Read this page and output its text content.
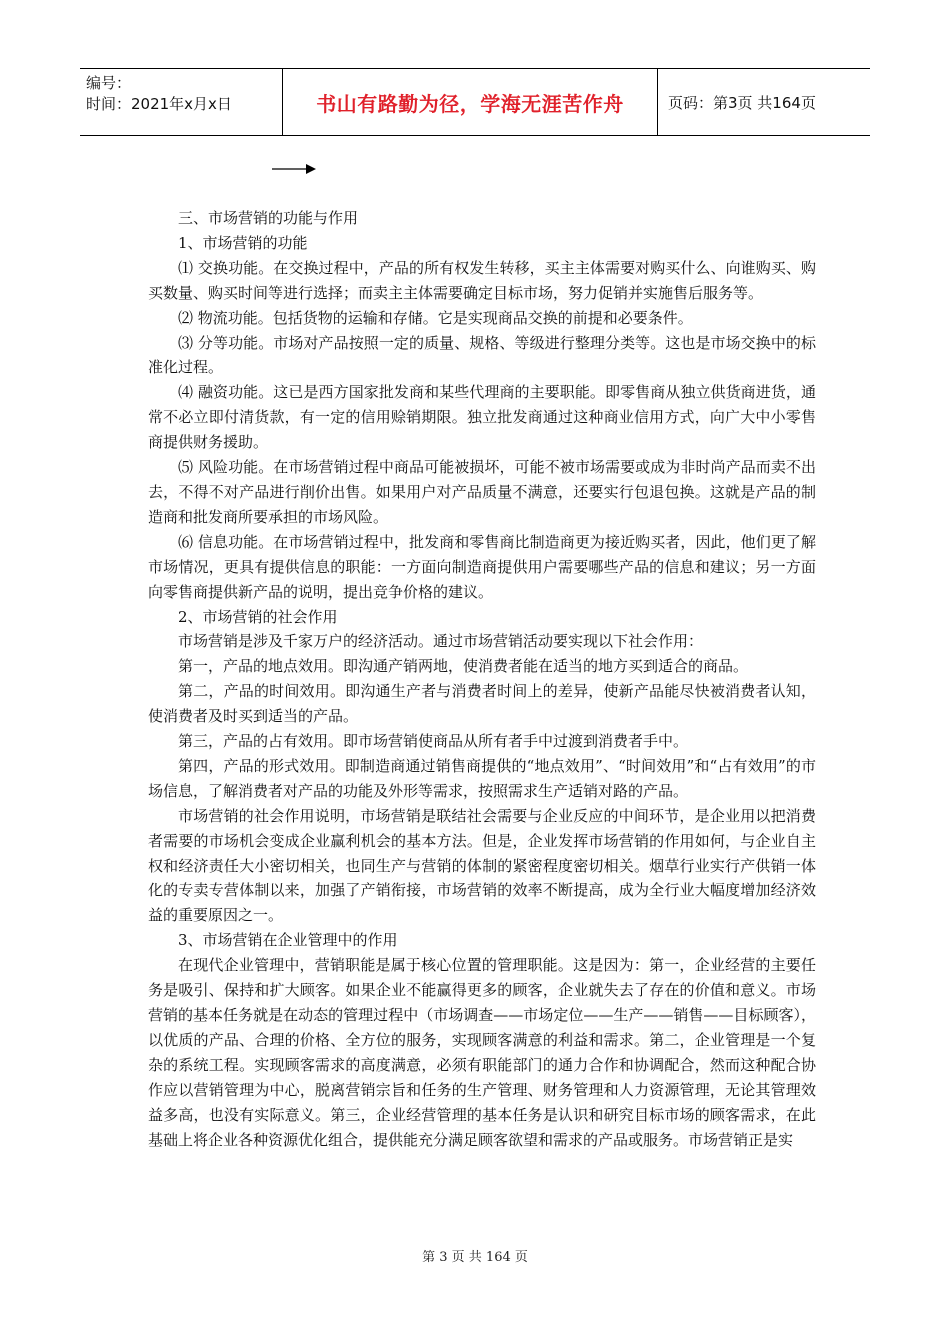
编号：
时间：2021年x月x日	书山有路勤为径，学海无涯苦作舟	页码：第3页 共164页

三、市场营销的功能与作用

1、市场营销的功能

⑴ 交换功能。在交换过程中，产品的所有权发生转移，买主主体需要对购买什么、向谁购买、购买数量、购买时间等进行选择；而卖主主体需要确定目标市场，努力促销并实施售后服务等。

⑵ 物流功能。包括货物的运输和存储。它是实现商品交换的前提和必要条件。

⑶ 分等功能。市场对产品按照一定的质量、规格、等级进行整理分类等。这也是市场交换中的标准化过程。

⑷ 融资功能。这已是西方国家批发商和某些代理商的主要职能。即零售商从独立供货商进货，通常不必立即付清货款，有一定的信用赊销期限。独立批发商通过这种商业信用方式，向广大中小零售商提供财务援助。

⑸ 风险功能。在市场营销过程中商品可能被损坏，可能不被市场需要或成为非时尚产品而卖不出去，不得不对产品进行削价出售。如果用户对产品质量不满意，还要实行包退包换。这就是产品的制造商和批发商所要承担的市场风险。

⑹ 信息功能。在市场营销过程中，批发商和零售商比制造商更为接近购买者，因此，他们更了解市场情况，更具有提供信息的职能：一方面向制造商提供用户需要哪些产品的信息和建议；另一方面向零售商提供新产品的说明，提出竞争价格的建议。

2、市场营销的社会作用

市场营销是涉及千家万户的经济活动。通过市场营销活动要实现以下社会作用：

第一，产品的地点效用。即沟通产销两地，使消费者能在适当的地方买到适合的商品。

第二，产品的时间效用。即沟通生产者与消费者时间上的差异，使新产品能尽快被消费者认知，使消费者及时买到适当的产品。

第三，产品的占有效用。即市场营销使商品从所有者手中过渡到消费者手中。

第四，产品的形式效用。即制造商通过销售商提供的“地点效用”、“时间效用”和“占有效用”的市场信息，了解消费者对产品的功能及外形等需求，按照需求生产适销对路的产品。

市场营销的社会作用说明，市场营销是联结社会需要与企业反应的中间环节，是企业用以把消费者需要的市场机会变成企业赢利机会的基本方法。但是，企业发挥市场营销的作用如何，与企业自主权和经济责任大小密切相关，也同生产与营销的体制的紧密程度密切相关。烟草行业实行产供销一体化的专卖专营体制以来，加强了产销衔接，市场营销的效率不断提高，成为全行业大幅度增加经济效益的重要原因之一。

3、市场营销在企业管理中的作用

在现代企业管理中，营销职能是属于核心位置的管理职能。这是因为：第一，企业经营的主要任务是吸引、保持和扩大顾客。如果企业不能赢得更多的顾客，企业就失去了存在的价值和意义。市场营销的基本任务就是在动态的管理过程中（市场调查——市场定位——生产——销售——目标顾客），以优质的产品、合理的价格、全方位的服务，实现顾客满意的利益和需求。第二，企业管理是一个复杂的系统工程。实现顾客需求的高度满意，必须有职能部门的通力合作和协调配合，然而这种配合协作应以营销管理为中心，脱离营销宗旨和任务的生产管理、财务管理和人力资源管理，无论其管理效益多高，也没有实际意义。第三，企业经营管理的基本任务是认识和研究目标市场的顾客需求，在此基础上将企业各种资源优化组合，提供能充分满足顾客欲望和需求的产品或服务。市场营销正是实

第 3 页 共 164 页
